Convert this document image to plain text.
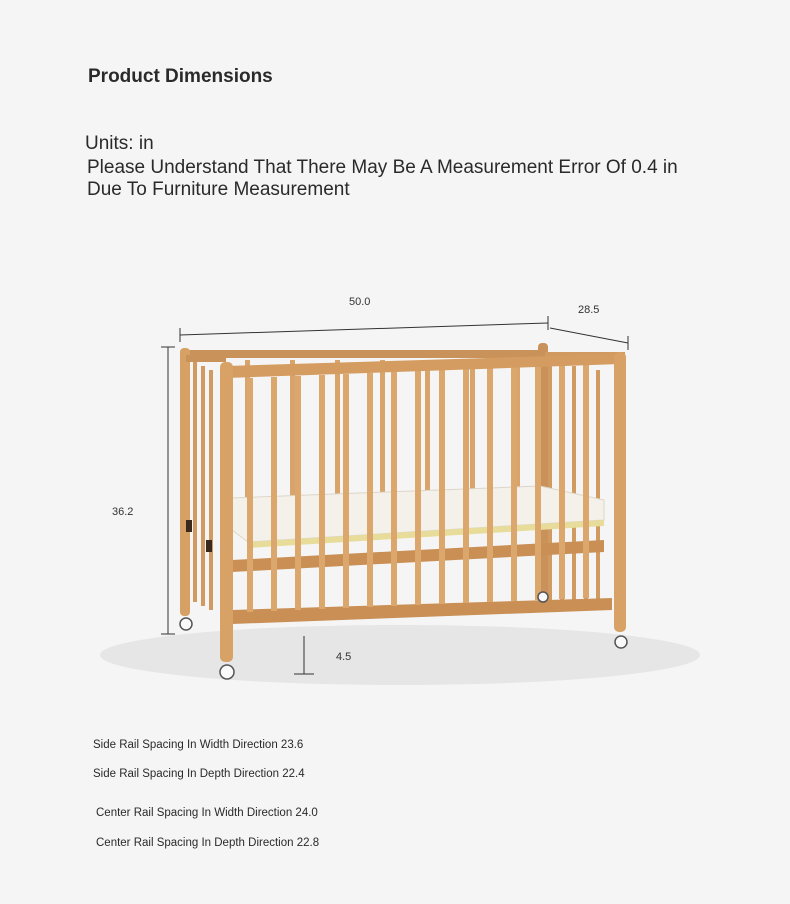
Product Dimensions
Units: in
Please Understand That There May Be A Measurement Error Of 0.4 in Due To Furniture Measurement
50.0
28.5
36.2
4.5
Side Rail Spacing In Width Direction 23.6
Side Rail Spacing In Depth Direction 22.4
Center Rail Spacing In Width Direction 24.0
Center Rail Spacing In Depth Direction 22.8
